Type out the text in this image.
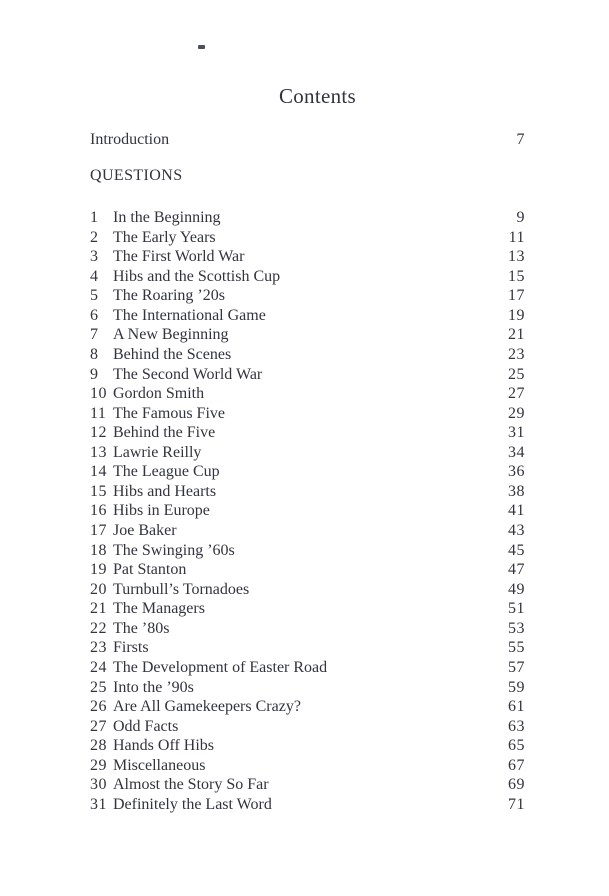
Contents
Introduction	7
QUESTIONS
1 In the Beginning	9
2 The Early Years	11
3 The First World War	13
4 Hibs and the Scottish Cup	15
5 The Roaring ’20s	17
6 The International Game	19
7 A New Beginning	21
8 Behind the Scenes	23
9 The Second World War	25
10 Gordon Smith	27
11 The Famous Five	29
12 Behind the Five	31
13 Lawrie Reilly	34
14 The League Cup	36
15 Hibs and Hearts	38
16 Hibs in Europe	41
17 Joe Baker	43
18 The Swinging ’60s	45
19 Pat Stanton	47
20 Turnbull’s Tornadoes	49
21 The Managers	51
22 The ’80s	53
23 Firsts	55
24 The Development of Easter Road	57
25 Into the ’90s	59
26 Are All Gamekeepers Crazy?	61
27 Odd Facts	63
28 Hands Off Hibs	65
29 Miscellaneous	67
30 Almost the Story So Far	69
31 Definitely the Last Word	71
